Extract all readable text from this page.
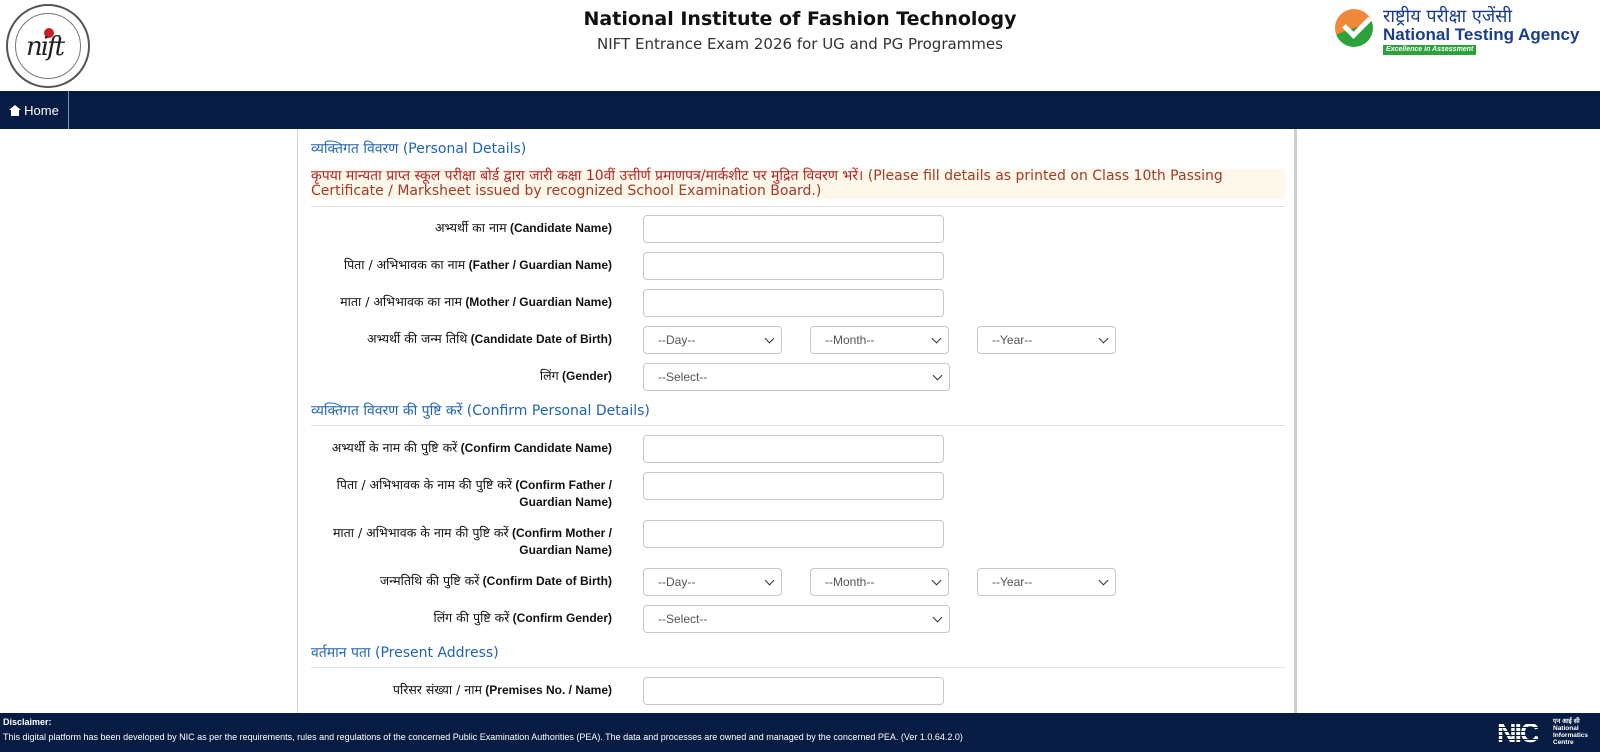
nift
National Institute of Fashion Technology
NIFT Entrance Exam 2026 for UG and PG Programmes
राष्ट्रीय परीक्षा एजेंसी
National Testing Agency
Excellence in Assessment
Home
व्यक्तिगत विवरण (Personal Details)
कृपया मान्यता प्राप्त स्कूल परीक्षा बोर्ड द्वारा जारी कक्षा 10वीं उत्तीर्ण प्रमाणपत्र/मार्कशीट पर मुद्रित विवरण भरें। (Please fill details as printed on Class 10th Passing Certificate / Marksheet issued by recognized School Examination Board.)
अभ्यर्थी का नाम (Candidate Name)
पिता / अभिभावक का नाम (Father / Guardian Name)
माता / अभिभावक का नाम (Mother / Guardian Name)
अभ्यर्थी की जन्म तिथि (Candidate Date of Birth)	--Day--	--Month--	--Year--
लिंग (Gender)	--Select--
व्यक्तिगत विवरण की पुष्टि करें (Confirm Personal Details)
अभ्यर्थी के नाम की पुष्टि करें (Confirm Candidate Name)
पिता / अभिभावक के नाम की पुष्टि करें (Confirm Father /
Guardian Name)
माता / अभिभावक के नाम की पुष्टि करें (Confirm Mother /
Guardian Name)
जन्मतिथि की पुष्टि करें (Confirm Date of Birth)	--Day--	--Month--	--Year--
लिंग की पुष्टि करें (Confirm Gender)	--Select--
वर्तमान पता (Present Address)
परिसर संख्या / नाम (Premises No. / Name)
Disclaimer:
This digital platform has been developed by NIC as per the requirements, rules and regulations of the concerned Public Examination Authorities (PEA). The data and processes are owned and managed by the concerned PEA. (Ver 1.0.64.2.0)	NIC एन आई सी
National
Informatics
Centre
